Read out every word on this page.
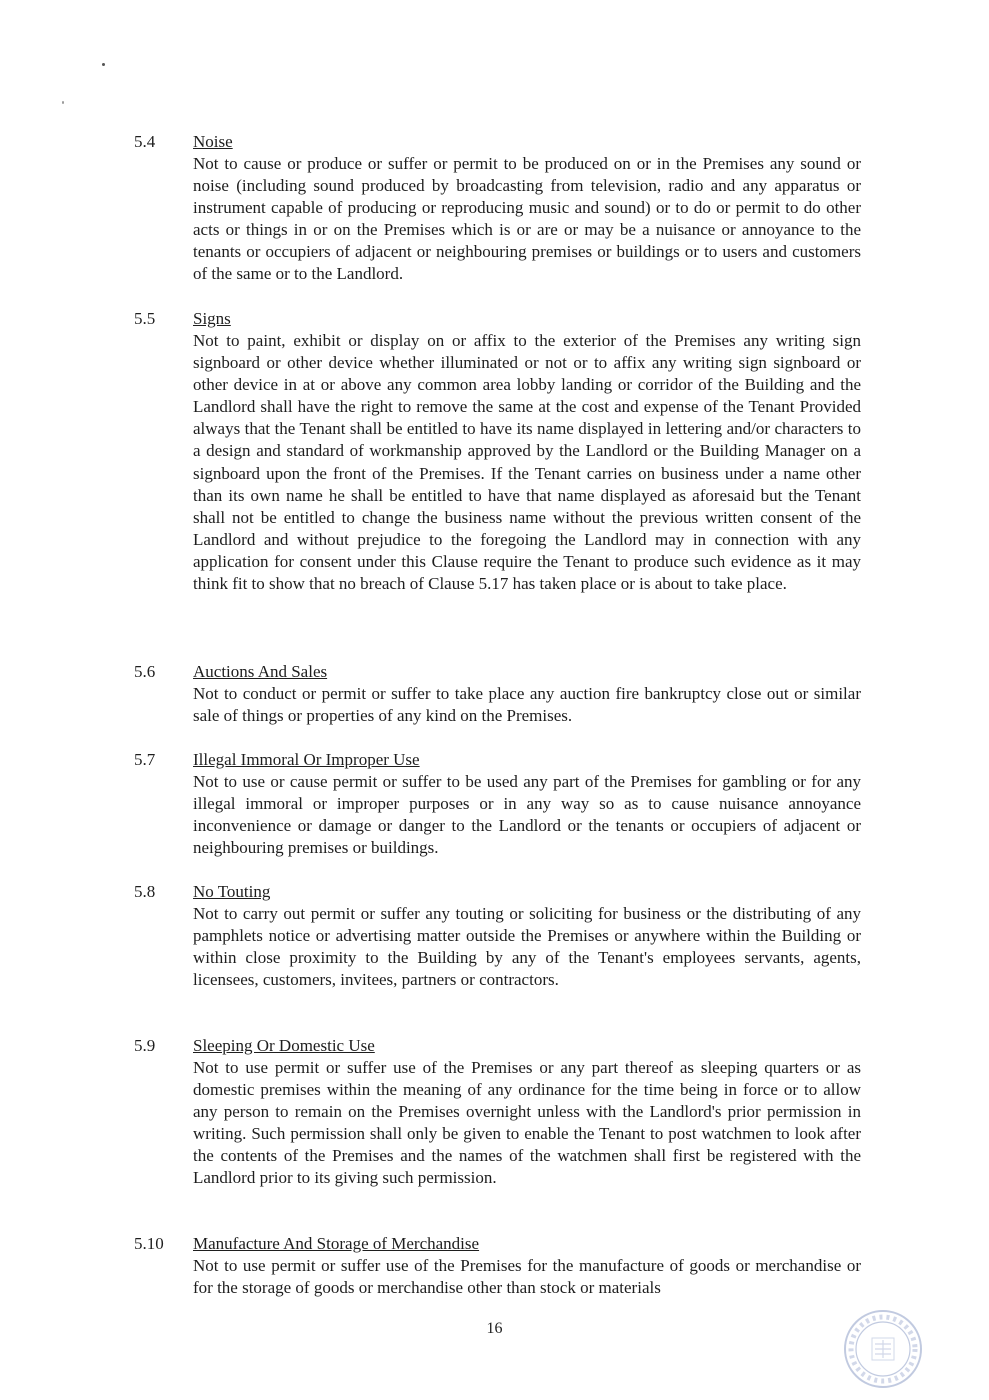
5.4 Noise

Not to cause or produce or suffer or permit to be produced on or in the Premises any sound or noise (including sound produced by broadcasting from television, radio and any apparatus or instrument capable of producing or reproducing music and sound) or to do or permit to do other acts or things in or on the Premises which is or are or may be a nuisance or annoyance to the tenants or occupiers of adjacent or neighbouring premises or buildings or to users and customers of the same or to the Landlord.

5.5 Signs

Not to paint, exhibit or display on or affix to the exterior of the Premises any writing sign signboard or other device whether illuminated or not or to affix any writing sign signboard or other device in at or above any common area lobby landing or corridor of the Building and the Landlord shall have the right to remove the same at the cost and expense of the Tenant Provided always that the Tenant shall be entitled to have its name displayed in lettering and/or characters to a design and standard of workmanship approved by the Landlord or the Building Manager on a signboard upon the front of the Premises. If the Tenant carries on business under a name other than its own name he shall be entitled to have that name displayed as aforesaid but the Tenant shall not be entitled to change the business name without the previous written consent of the Landlord and without prejudice to the foregoing the Landlord may in connection with any application for consent under this Clause require the Tenant to produce such evidence as it may think fit to show that no breach of Clause 5.17 has taken place or is about to take place.

5.6 Auctions And Sales

Not to conduct or permit or suffer to take place any auction fire bankruptcy close out or similar sale of things or properties of any kind on the Premises.

5.7 Illegal Immoral Or Improper Use

Not to use or cause permit or suffer to be used any part of the Premises for gambling or for any illegal immoral or improper purposes or in any way so as to cause nuisance annoyance inconvenience or damage or danger to the Landlord or the tenants or occupiers of adjacent or neighbouring premises or buildings.

5.8 No Touting

Not to carry out permit or suffer any touting or soliciting for business or the distributing of any pamphlets notice or advertising matter outside the Premises or anywhere within the Building or within close proximity to the Building by any of the Tenant's employees servants, agents, licensees, customers, invitees, partners or contractors.

5.9 Sleeping Or Domestic Use

Not to use permit or suffer use of the Premises or any part thereof as sleeping quarters or as domestic premises within the meaning of any ordinance for the time being in force or to allow any person to remain on the Premises overnight unless with the Landlord's prior permission in writing. Such permission shall only be given to enable the Tenant to post watchmen to look after the contents of the Premises and the names of the watchmen shall first be registered with the Landlord prior to its giving such permission.

5.10 Manufacture And Storage of Merchandise

Not to use permit or suffer use of the Premises for the manufacture of goods or merchandise or for the storage of goods or merchandise other than stock or materials

16
